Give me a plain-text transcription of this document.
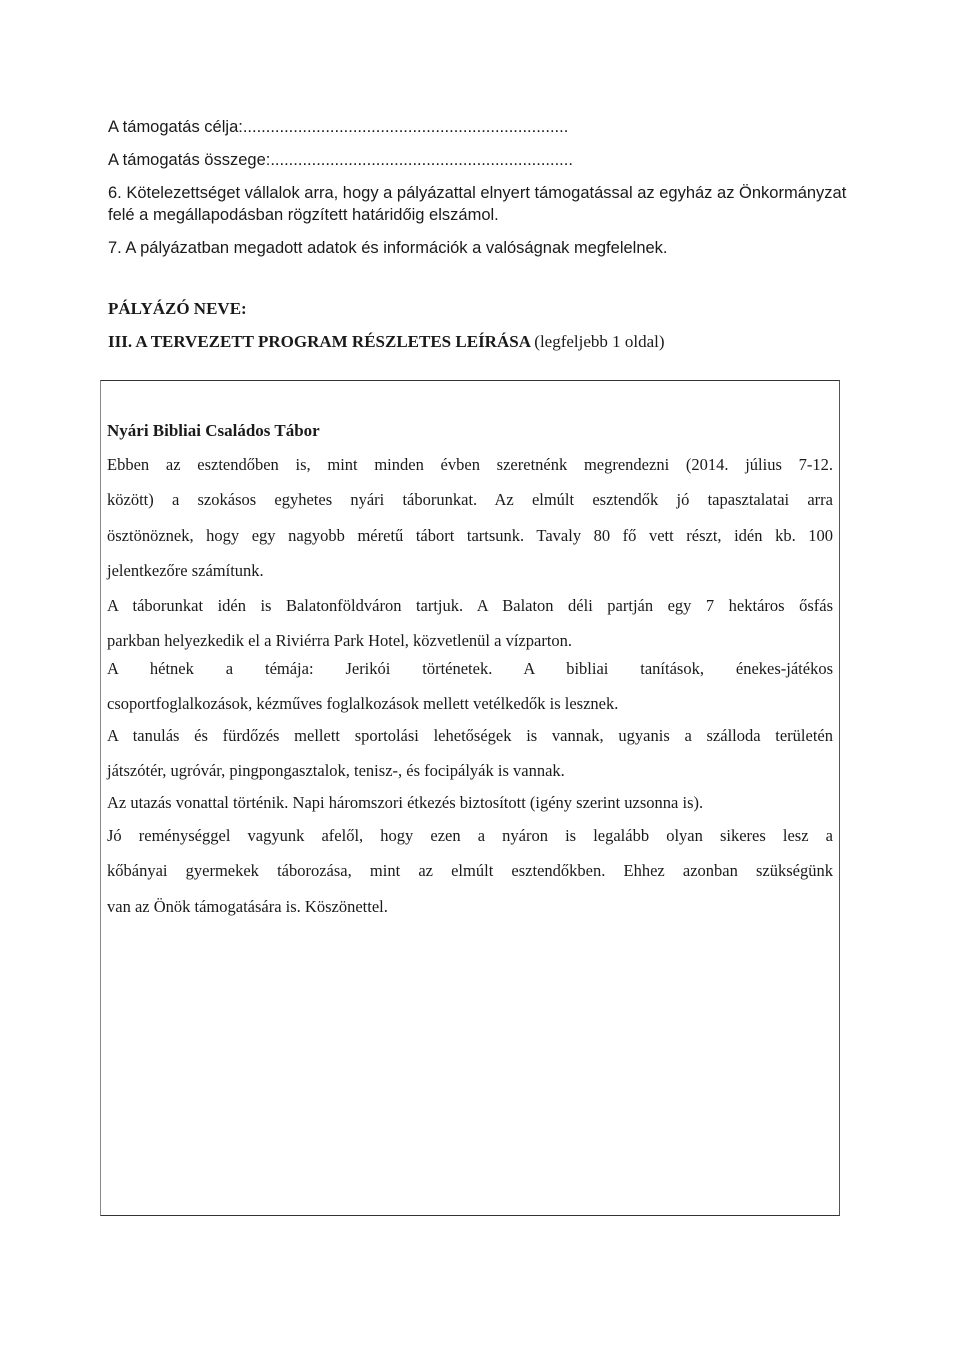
A támogatás célja:.......................................................................
A támogatás összege:..................................................................
6. Kötelezettséget vállalok arra, hogy a pályázattal elnyert támogatással az egyház az Önkormányzat
felé a megállapodásban rögzített határidőig elszámol.
7. A pályázatban megadott adatok és információk a valóságnak megfelelnek.
PÁLYÁZÓ NEVE:
III. A TERVEZETT PROGRAM RÉSZLETES LEÍRÁSA (legfeljebb 1 oldal)
Nyári Bibliai Családos Tábor
Ebben az esztendőben is, mint minden évben szeretnénk megrendezni (2014. július 7-12.
között) a szokásos egyhetes nyári táborunkat. Az elmúlt esztendők jó tapasztalatai arra
ösztönöznek, hogy egy nagyobb méretű tábort tartsunk. Tavaly 80 fő vett részt, idén kb. 100
jelentkezőre számítunk.
A táborunkat idén is Balatonföldváron tartjuk. A Balaton déli partján egy 7 hektáros ősfás
parkban helyezkedik el a Riviérra Park Hotel, közvetlenül a vízparton.
A hétnek a témája: Jerikói történetek. A bibliai tanítások, énekes-játékos
csoportfoglalkozások, kézműves foglalkozások mellett vetélkedők is lesznek.
A tanulás és fürdőzés mellett sportolási lehetőségek is vannak, ugyanis a szálloda területén
játszótér, ugróvár, pingpongasztalok, tenisz-, és focipályák is vannak.
Az utazás vonattal történik. Napi háromszori étkezés biztosított (igény szerint uzsonna is).
Jó reménységgel vagyunk afelől, hogy ezen a nyáron is legalább olyan sikeres lesz a
kőbányai gyermekek táborozása, mint az elmúlt esztendőkben. Ehhez azonban szükségünk
van az Önök támogatására is. Köszönettel.
